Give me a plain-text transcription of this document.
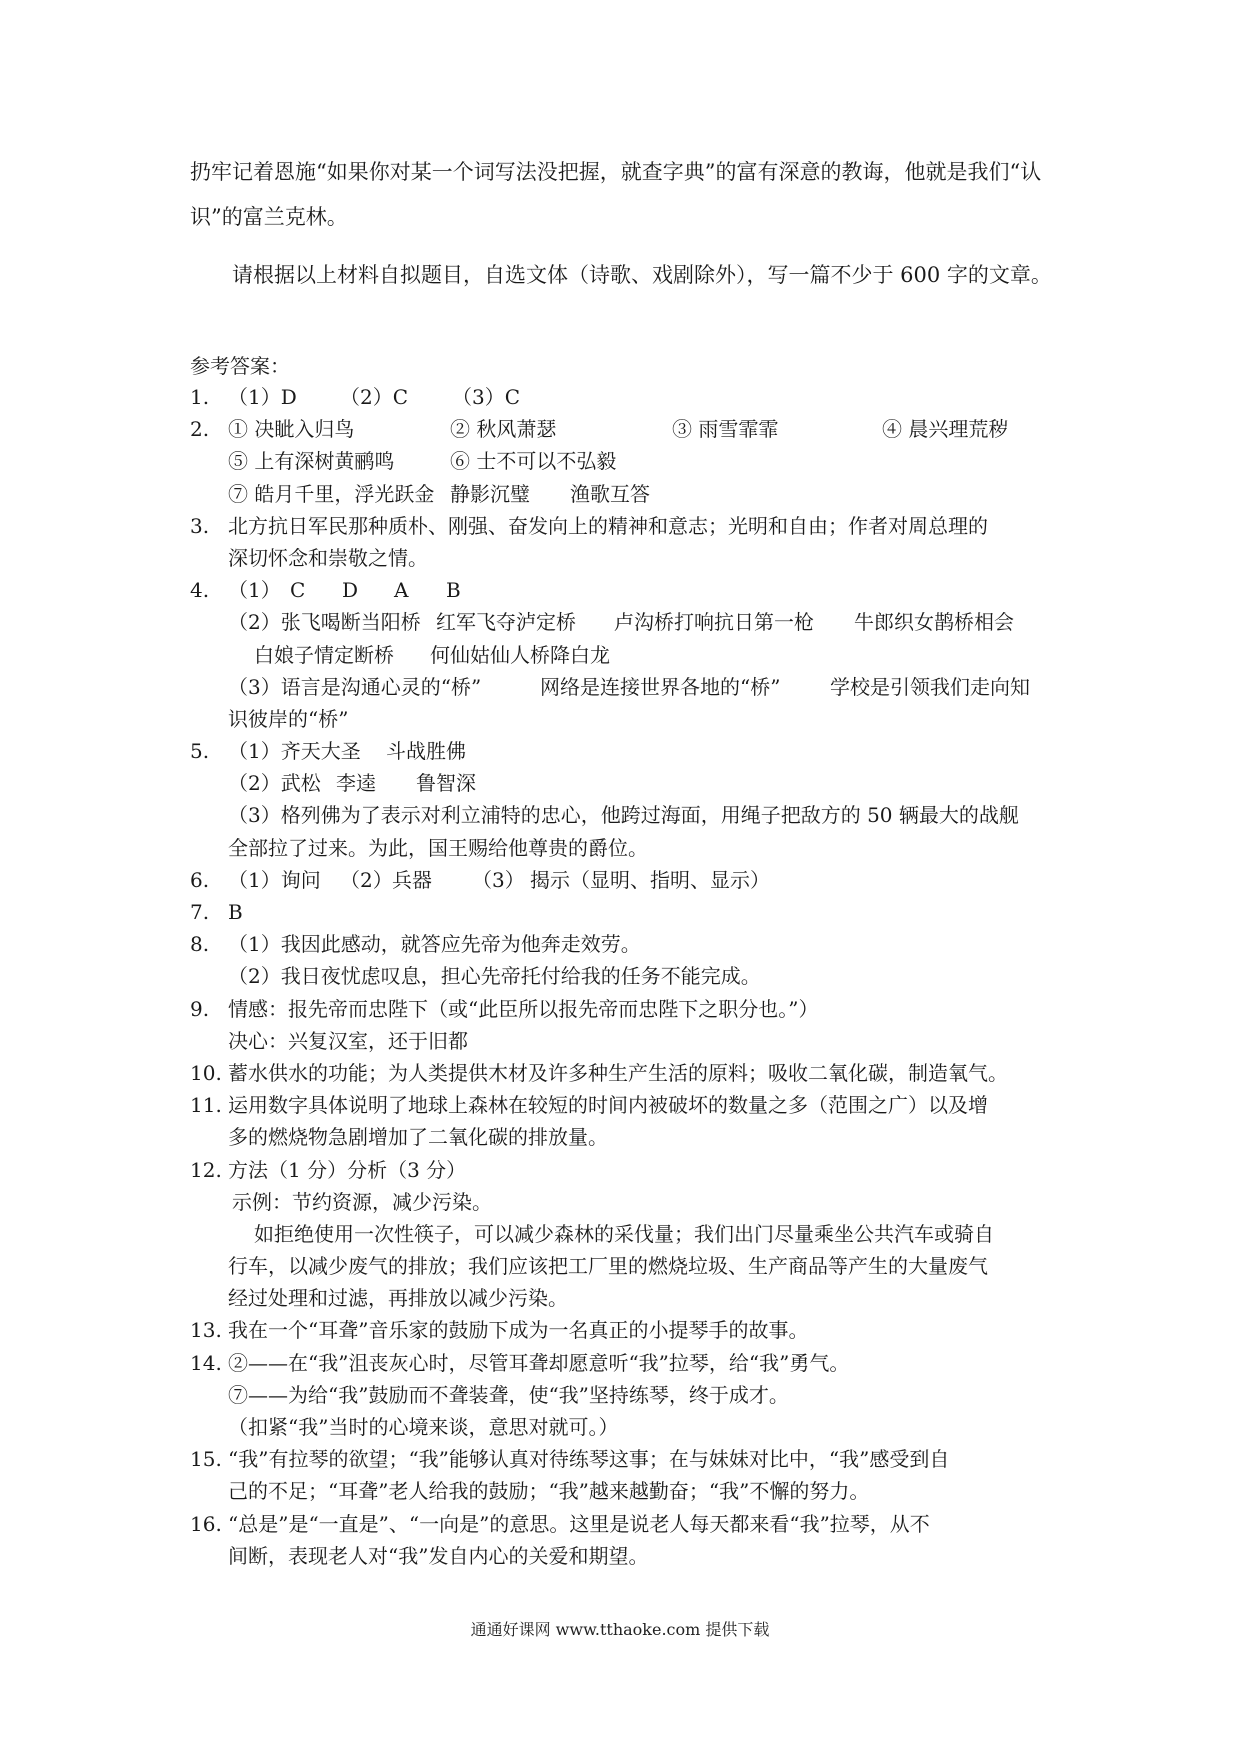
扔牢记着恩施“如果你对某一个词写法没把握，就查字典”的富有深意的教诲，他就是我们“认
识”的富兰克林。
请根据以上材料自拟题目，自选文体（诗歌、戏剧除外），写一篇不少于 600 字的文章。
参考答案：
1. （1）D	（2）C	（3）C
2. ① 决眦入归鸟	② 秋风萧瑟	③ 雨雪霏霏	④ 晨兴理荒秽
⑤ 上有深树黄鹂鸣	⑥ 士不可以不弘毅
⑦ 皓月千里，浮光跃金 静影沉璧	渔歌互答
3. 北方抗日军民那种质朴、刚强、奋发向上的精神和意志；光明和自由；作者对周总理的
深切怀念和崇敬之情。
4. （1） C	D	A	B
（2）张飞喝断当阳桥 红军飞夺泸定桥	卢沟桥打响抗日第一枪	牛郎织女鹊桥相会
白娘子情定断桥	何仙姑仙人桥降白龙
（3）语言是沟通心灵的“桥”	网络是连接世界各地的“桥”	学校是引领我们走向知
识彼岸的“桥”
5. （1）齐天大圣	斗战胜佛
（2）武松 李逵	鲁智深
（3）格列佛为了表示对利立浦特的忠心，他跨过海面，用绳子把敌方的 50 辆最大的战舰
全部拉了过来。为此，国王赐给他尊贵的爵位。
6. （1）询问 （2） 兵器	（3） 揭示（显明、指明、显示）
7. B
8. （1）我因此感动，就答应先帝为他奔走效劳。
（2）我日夜忧虑叹息，担心先帝托付给我的任务不能完成。
9. 情感：报先帝而忠陛下（或“此臣所以报先帝而忠陛下之职分也。”）
决心：兴复汉室，还于旧都
10. 蓄水供水的功能；为人类提供木材及许多种生产生活的原料；吸收二氧化碳，制造氧气。
11. 运用数字具体说明了地球上森林在较短的时间内被破坏的数量之多（范围之广）以及增
多的燃烧物急剧增加了二氧化碳的排放量。
12. 方法（1 分）分析（3 分）
示例：节约资源，减少污染。
如拒绝使用一次性筷子，可以减少森林的采伐量；我们出门尽量乘坐公共汽车或骑自
行车，以减少废气的排放；我们应该把工厂里的燃烧垃圾、生产商品等产生的大量废气
经过处理和过滤，再排放以减少污染。
13. 我在一个“耳聋”音乐家的鼓励下成为一名真正的小提琴手的故事。
14. ②——在“我”沮丧灰心时，尽管耳聋却愿意听“我”拉琴，给“我”勇气。
⑦——为给“我”鼓励而不聋装聋，使“我”坚持练琴，终于成才。
（扣紧“我”当时的心境来谈，意思对就可。）
15. “我”有拉琴的欲望；“我”能够认真对待练琴这事；在与妹妹对比中，“我”感受到自
己的不足；“耳聋”老人给我的鼓励；“我”越来越勤奋；“我”不懈的努力。
16. “总是”是“一直是”、“一向是”的意思。这里是说老人每天都来看“我”拉琴，从不
间断，表现老人对“我”发自内心的关爱和期望。
通通好课网 www.tthaoke.com 提供下载
